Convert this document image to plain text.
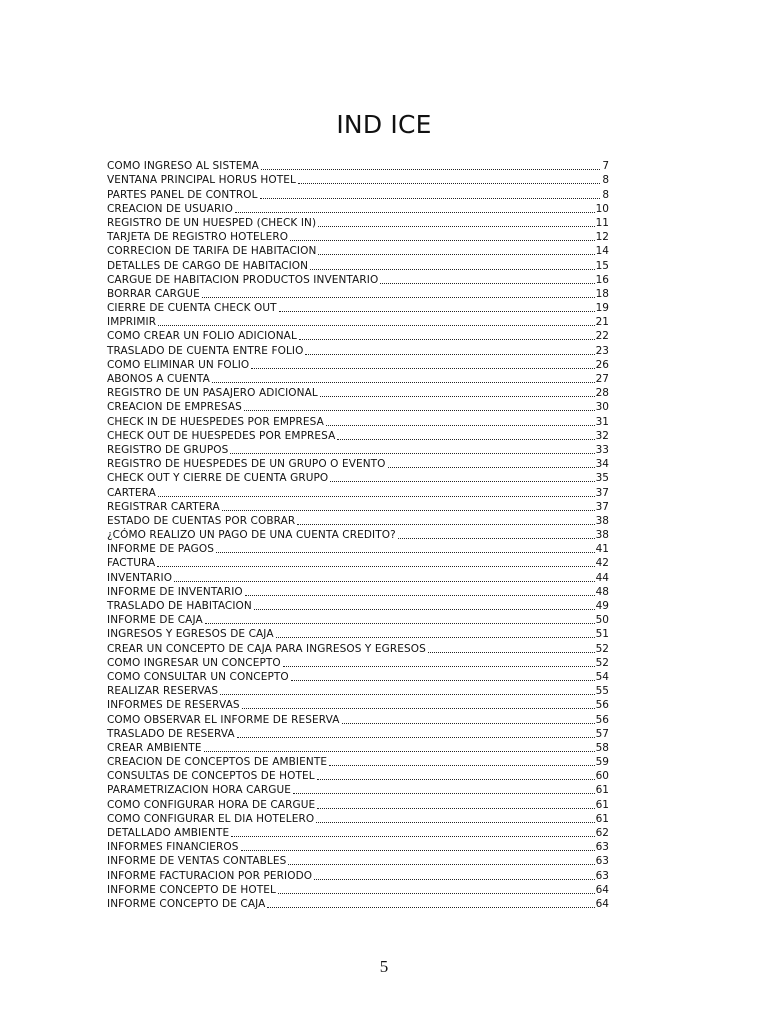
IND ICE
COMO INGRESO AL SISTEMA	7
VENTANA PRINCIPAL HORUS HOTEL	8
PARTES PANEL DE CONTROL	8
CREACION DE USUARIO	10
REGISTRO DE UN HUESPED (CHECK IN)	11
TARJETA DE REGISTRO HOTELERO	12
CORRECION DE TARIFA DE HABITACION	14
DETALLES DE CARGO DE HABITACION	15
CARGUE DE HABITACION PRODUCTOS INVENTARIO	16
BORRAR CARGUE	18
CIERRE DE CUENTA CHECK OUT	19
IMPRIMIR	21
COMO CREAR UN FOLIO ADICIONAL	22
TRASLADO DE CUENTA ENTRE FOLIO	23
COMO ELIMINAR UN FOLIO	26
ABONOS A CUENTA	27
REGISTRO DE UN PASAJERO ADICIONAL	28
CREACION DE EMPRESAS	30
CHECK IN DE HUESPEDES POR EMPRESA	31
CHECK OUT DE HUESPEDES POR EMPRESA	32
REGISTRO DE GRUPOS	33
REGISTRO DE HUESPEDES DE UN GRUPO O EVENTO	34
CHECK OUT Y CIERRE DE CUENTA GRUPO	35
CARTERA	37
REGISTRAR CARTERA	37
ESTADO DE CUENTAS POR COBRAR	38
¿CÓMO REALIZO UN PAGO DE UNA CUENTA CREDITO?	38
INFORME DE PAGOS	41
FACTURA	42
INVENTARIO	44
INFORME DE INVENTARIO	48
TRASLADO DE HABITACION	49
INFORME DE CAJA	50
INGRESOS Y EGRESOS DE CAJA	51
CREAR UN CONCEPTO DE CAJA PARA INGRESOS Y EGRESOS	52
COMO INGRESAR UN CONCEPTO	52
COMO CONSULTAR UN CONCEPTO	54
REALIZAR RESERVAS	55
INFORMES DE RESERVAS	56
COMO OBSERVAR EL INFORME DE RESERVA	56
TRASLADO DE RESERVA	57
CREAR AMBIENTE	58
CREACION DE CONCEPTOS DE AMBIENTE	59
CONSULTAS DE CONCEPTOS DE HOTEL	60
PARAMETRIZACION HORA CARGUE	61
COMO CONFIGURAR HORA DE CARGUE	61
COMO CONFIGURAR EL DIA HOTELERO	61
DETALLADO AMBIENTE	62
INFORMES FINANCIEROS	63
INFORME DE VENTAS CONTABLES	63
INFORME FACTURACION POR PERIODO	63
INFORME CONCEPTO DE HOTEL	64
INFORME CONCEPTO DE CAJA	64
5
